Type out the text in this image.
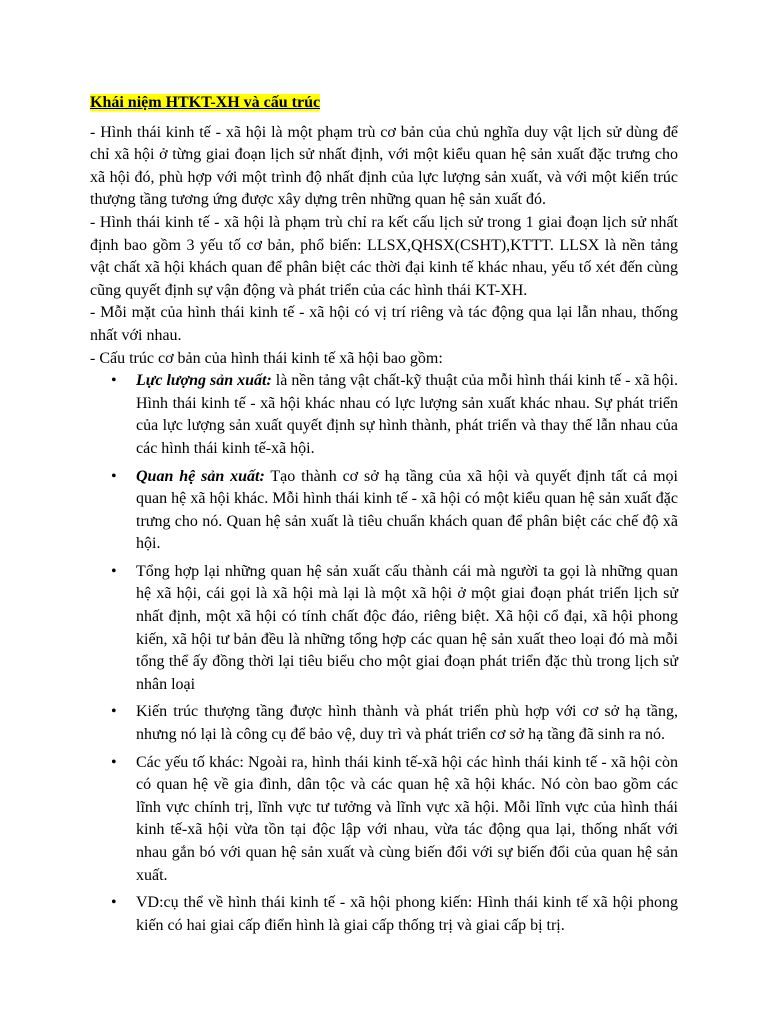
Khái niệm HTKT-XH và cấu trúc

- Hình thái kinh tế - xã hội là một phạm trù cơ bản của chủ nghĩa duy vật lịch sử dùng để chỉ xã hội ở từng giai đoạn lịch sử nhất định, với một kiểu quan hệ sản xuất đặc trưng cho xã hội đó, phù hợp với một trình độ nhất định của lực lượng sản xuất, và với một kiến trúc thượng tầng tương ứng được xây dựng trên những quan hệ sản xuất đó.

- Hình thái kinh tế - xã hội là phạm trù chỉ ra kết cấu lịch sử trong 1 giai đoạn lịch sử nhất định bao gồm 3 yếu tố cơ bản, phổ biến: LLSX,QHSX(CSHT),KTTT. LLSX là nền tảng vật chất xã hội khách quan để phân biệt các thời đại kinh tế khác nhau, yếu tố xét đến cùng cũng quyết định sự vận động và phát triển của các hình thái KT-XH.

- Mỗi mặt của hình thái kinh tế - xã hội có vị trí riêng và tác động qua lại lẫn nhau, thống nhất với nhau.

- Cấu trúc cơ bản của hình thái kinh tế xã hội bao gồm:

• Lực lượng sản xuất: là nền tảng vật chất-kỹ thuật của mỗi hình thái kinh tế - xã hội. Hình thái kinh tế - xã hội khác nhau có lực lượng sản xuất khác nhau. Sự phát triển của lực lượng sản xuất quyết định sự hình thành, phát triển và thay thế lẫn nhau của các hình thái kinh tế-xã hội.
• Quan hệ sản xuất: Tạo thành cơ sở hạ tầng của xã hội và quyết định tất cả mọi quan hệ xã hội khác. Mỗi hình thái kinh tế - xã hội có một kiểu quan hệ sản xuất đặc trưng cho nó. Quan hệ sản xuất là tiêu chuẩn khách quan để phân biệt các chế độ xã hội.
• Tổng hợp lại những quan hệ sản xuất cấu thành cái mà người ta gọi là những quan hệ xã hội, cái gọi là xã hội mà lại là một xã hội ở một giai đoạn phát triển lịch sử nhất định, một xã hội có tính chất độc đáo, riêng biệt. Xã hội cổ đại, xã hội phong kiến, xã hội tư bản đều là những tổng hợp các quan hệ sản xuất theo loại đó mà mỗi tổng thể ấy đồng thời lại tiêu biểu cho một giai đoạn phát triển đặc thù trong lịch sử nhân loại
• Kiến trúc thượng tầng được hình thành và phát triển phù hợp với cơ sở hạ tầng, nhưng nó lại là công cụ để bảo vệ, duy trì và phát triển cơ sở hạ tầng đã sinh ra nó.
• Các yếu tố khác: Ngoài ra, hình thái kinh tế-xã hội các hình thái kinh tế - xã hội còn có quan hệ về gia đình, dân tộc và các quan hệ xã hội khác. Nó còn bao gồm các lĩnh vực chính trị, lĩnh vực tư tưởng và lĩnh vực xã hội. Mỗi lĩnh vực của hình thái kinh tế-xã hội vừa tồn tại độc lập với nhau, vừa tác động qua lại, thống nhất với nhau gắn bó với quan hệ sản xuất và cùng biến đổi với sự biến đổi của quan hệ sản xuất.
• VD:cụ thể về hình thái kinh tế - xã hội phong kiến: Hình thái kinh tế xã hội phong kiến có hai giai cấp điển hình là giai cấp thống trị và giai cấp bị trị.
